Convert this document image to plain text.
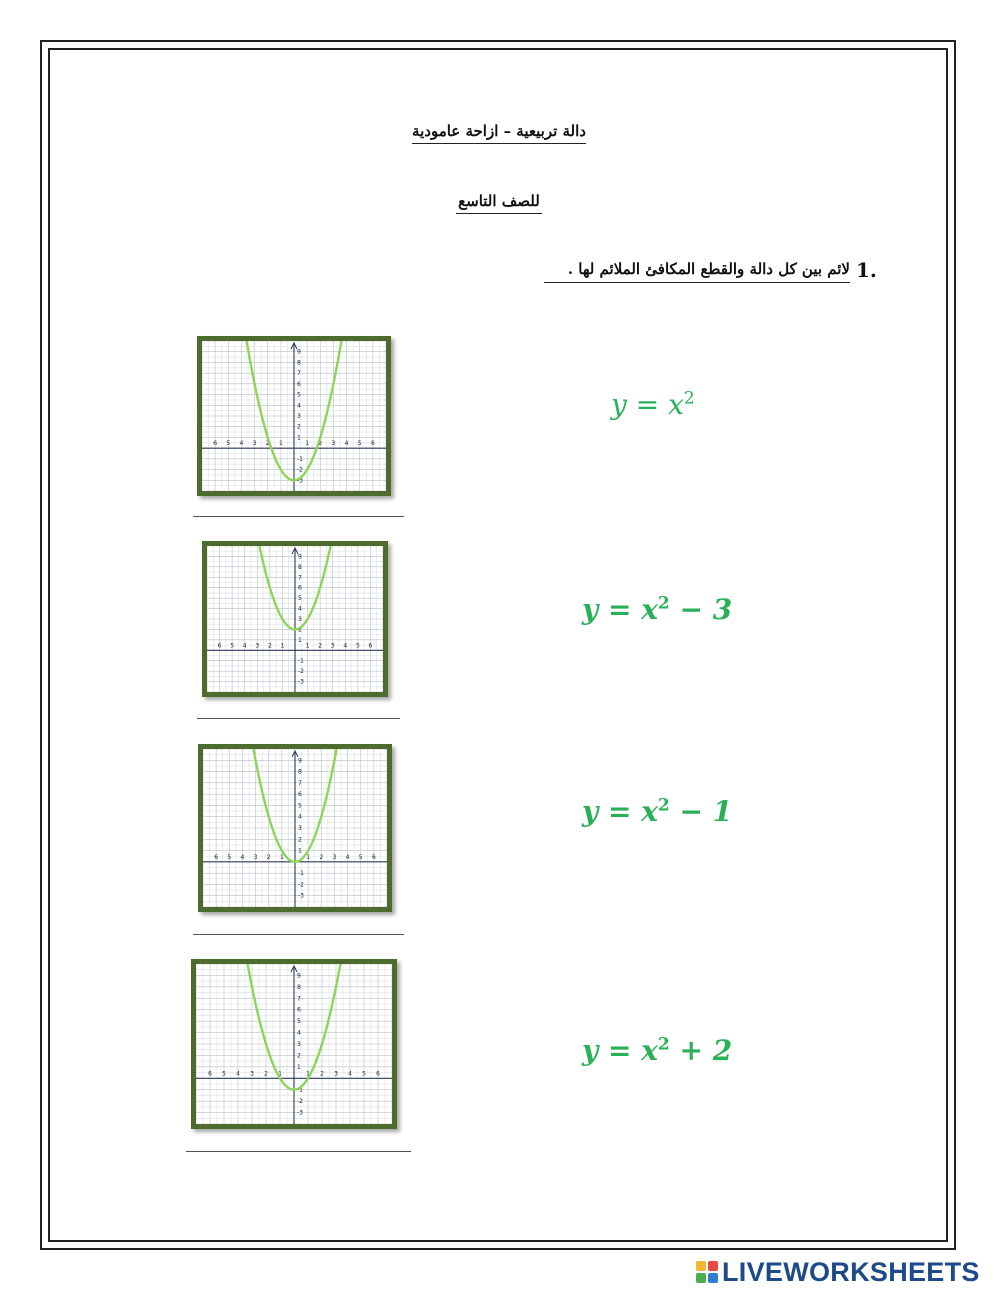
دالة تربيعية – ازاحة عامودية
للصف التاسع
لائم بين كل دالة والقطع المكافئ الملائم لها . 1.
6 5 4 3 2 1	1 2 3 4 5 6
9
8
7
6
5
4
3
2
1
-1
-2
-3
6 5 4 3 2 1	1 2 3 4 5 6
9
8
7
6
5
4
3
2
1
-1
-2
-3
6 5 4 3 2 1	1 2 3 4 5 6
9
8
7
6
5
4
3
2
1
-1
-2
-3
6 5 4 3 2 1	1 2 3 4 5 6
9
8
7
6
5
4
3
2
1
-1
-2
-3
$y = x^2$
$y = x^2 - 3$
$y = x^2 - 1$
$y = x^2 + 2$
LIVEWORKSHEETS
